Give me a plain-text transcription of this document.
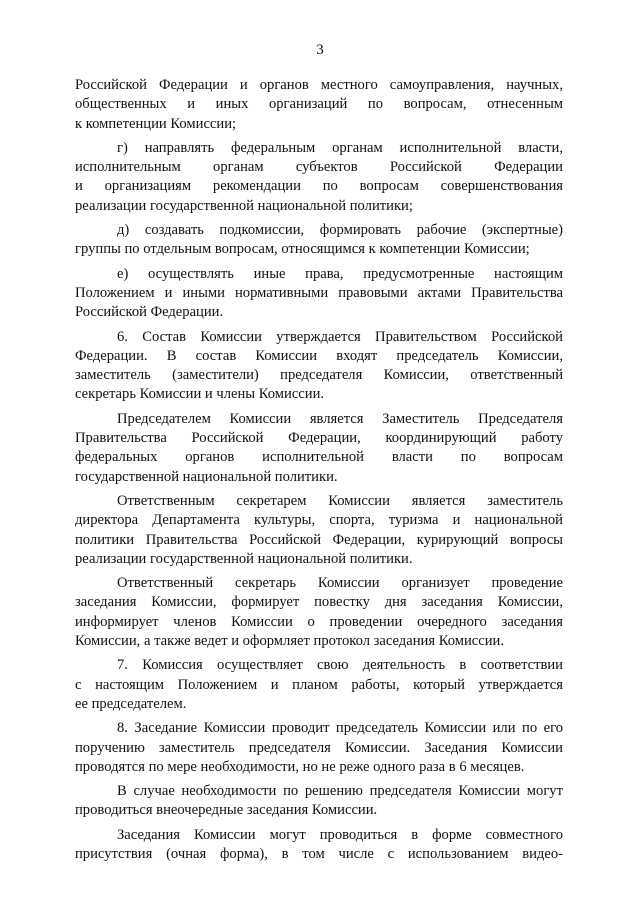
3
Российской Федерации и органов местного самоуправления, научных,
общественных и иных организаций по вопросам, отнесенным
к компетенции Комиссии;
г) направлять федеральным органам исполнительной власти,
исполнительным органам субъектов Российской Федерации
и организациям рекомендации по вопросам совершенствования
реализации государственной национальной политики;
д) создавать подкомиссии, формировать рабочие (экспертные)
группы по отдельным вопросам, относящимся к компетенции Комиссии;
е) осуществлять иные права, предусмотренные настоящим
Положением и иными нормативными правовыми актами Правительства
Российской Федерации.
6. Состав Комиссии утверждается Правительством Российской
Федерации. В состав Комиссии входят председатель Комиссии,
заместитель (заместители) председателя Комиссии, ответственный
секретарь Комиссии и члены Комиссии.
Председателем Комиссии является Заместитель Председателя
Правительства Российской Федерации, координирующий работу
федеральных органов исполнительной власти по вопросам
государственной национальной политики.
Ответственным секретарем Комиссии является заместитель
директора Департамента культуры, спорта, туризма и национальной
политики Правительства Российской Федерации, курирующий вопросы
реализации государственной национальной политики.
Ответственный секретарь Комиссии организует проведение
заседания Комиссии, формирует повестку дня заседания Комиссии,
информирует членов Комиссии о проведении очередного заседания
Комиссии, а также ведет и оформляет протокол заседания Комиссии.
7. Комиссия осуществляет свою деятельность в соответствии
с настоящим Положением и планом работы, который утверждается
ее председателем.
8. Заседание Комиссии проводит председатель Комиссии или по его
поручению заместитель председателя Комиссии. Заседания Комиссии
проводятся по мере необходимости, но не реже одного раза в 6 месяцев.
В случае необходимости по решению председателя Комиссии могут
проводиться внеочередные заседания Комиссии.
Заседания Комиссии могут проводиться в форме совместного
присутствия (очная форма), в том числе с использованием видео-
